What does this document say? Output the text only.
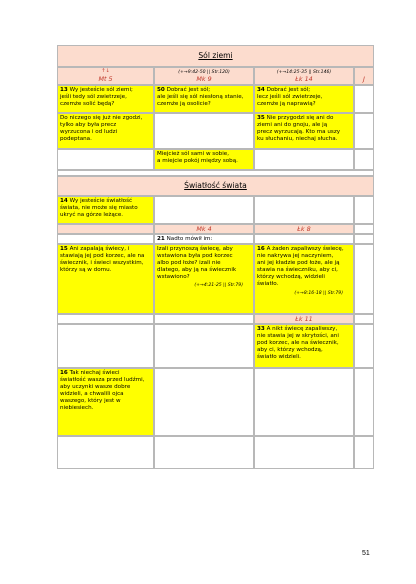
Sól ziemi
↑↓
Mt 5
(+→9:42-50 || Str.120)
Mk 9
(+→14:25-35 || Str.146)
Łk 14	J
13 Wy jesteście sól ziemi;
jeśli tedy sól zwietrzeje,
czemże solić będą?
50 Dobrać jest sól;
ale jeśli się sól niesłoną stanie,
czemże ją osolicie?
34 Dobrać jest sól;
lecz jeśli sól zwietrzeje,
czemże ją naprawią?
Do niczego się już nie zgodzi,
tylko aby była precz
wyrzucona i od ludzi
podeptana.
35 Nie przygodzi się ani do
ziemi ani do gnoju, ale ją
precz wyrzucają. Kto ma uszy
ku słuchaniu, niechaj słucha.
Miejcież sól sami w sobie,
a miejcie pokój między sobą.
Światłość świata
14 Wy jesteście światłość
świata, nie może się miasto
ukryć na górze leżące.
Mk 4	Łk 8
21 Nadto mówił im:
15 Ani zapalają świecy, i
stawiają jej pod korzec, ale na
świecznik, i świeci wszystkim,
którzy są w domu.
Izali przynoszą świecę, aby
wstawiona była pod korzec
albo pod łoże? izali nie
dlatego, aby ją na świecznik
wstawiono?
(+→4:21-25 || Str.79)
16 A żaden zapaliwszy świecę,
nie nakrywa jej naczyniem,
ani jej kładzie pod łoże, ale ją
stawia na świeczniku, aby ci,
którzy wchodzą, widzieli
światło.
(+→8:16-18 || Str.79)
Łk 11
33 A nikt świecę zapaliwszy,
nie stawia jej w skrytości, ani
pod korzec, ale na świecznik,
aby ci, którzy wchodzą,
światło widzieli.
16 Tak niechaj świeci
światłość wasza przed ludźmi,
aby uczynki wasze dobre
widzieli, a chwalili ojca
waszego, który jest w
niebiesiech.
51
